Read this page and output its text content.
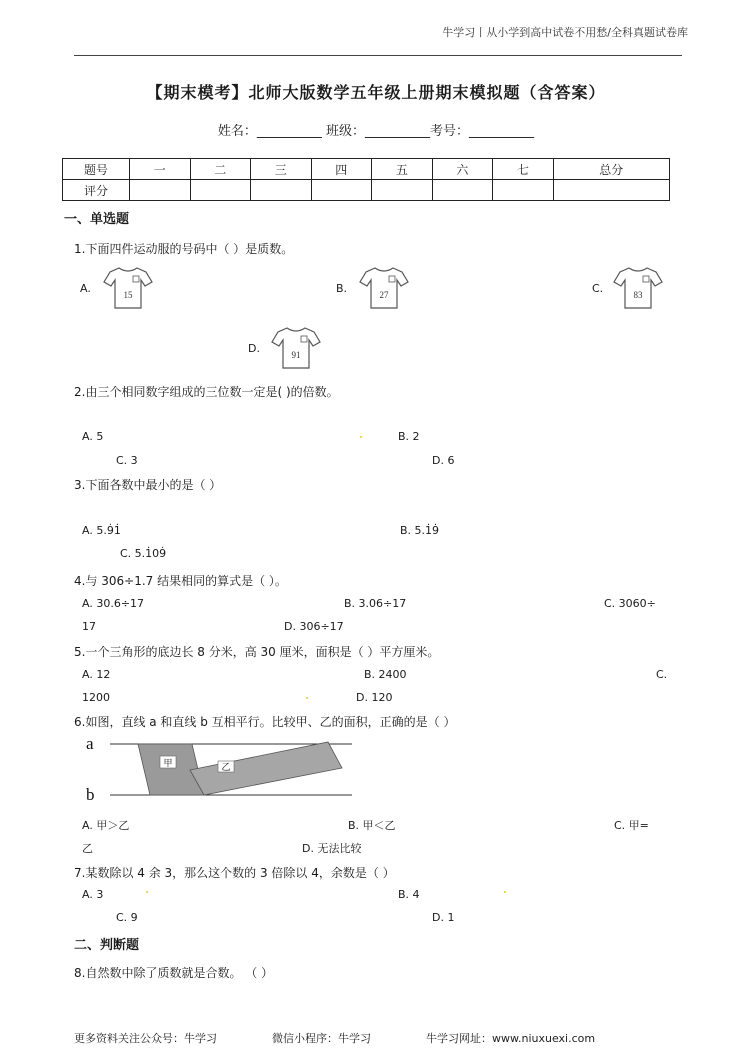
牛学习丨从小学到高中试卷不用愁/全科真题试卷库
【期末模考】北师大版数学五年级上册期末模拟题（含答案）
姓名：__________ 班级：__________考号：__________
题号	一	二	三	四	五	六	七	总分
评分								
一、单选题
1.下面四件运动服的号码中（ ）是质数。
A.	15	B.	27	C.	83
D.	91
2.由三个相同数字组成的三位数一定是( )的倍数。
A. 5	B. 2
C. 3	D. 6
3.下面各数中最小的是（ ）
A. 5.9̇1̇	B. 5.1̇9̇
C. 5.1̇09̇
4.与 306÷1.7 结果相同的算式是（ ）。
A. 30.6÷17	B. 3.06÷17	C. 3060÷
17	D. 306÷17
5.一个三角形的底边长 8 分米，高 30 厘米，面积是（ ）平方厘米。
A. 12	B. 2400	C.
1200	D. 120
6.如图，直线 a 和直线 b 互相平行。比较甲、乙的面积，正确的是（ ）
甲	乙
a
b
A. 甲＞乙	B. 甲＜乙	C. 甲=
乙	D. 无法比较
7.某数除以 4 余 3，那么这个数的 3 倍除以 4，余数是（ ）
A. 3	B. 4
C. 9	D. 1
二、判断题
8.自然数中除了质数就是合数。 （ ）
更多资料关注公众号：牛学习	微信小程序：牛学习	牛学习网址：www.niuxuexi.com
